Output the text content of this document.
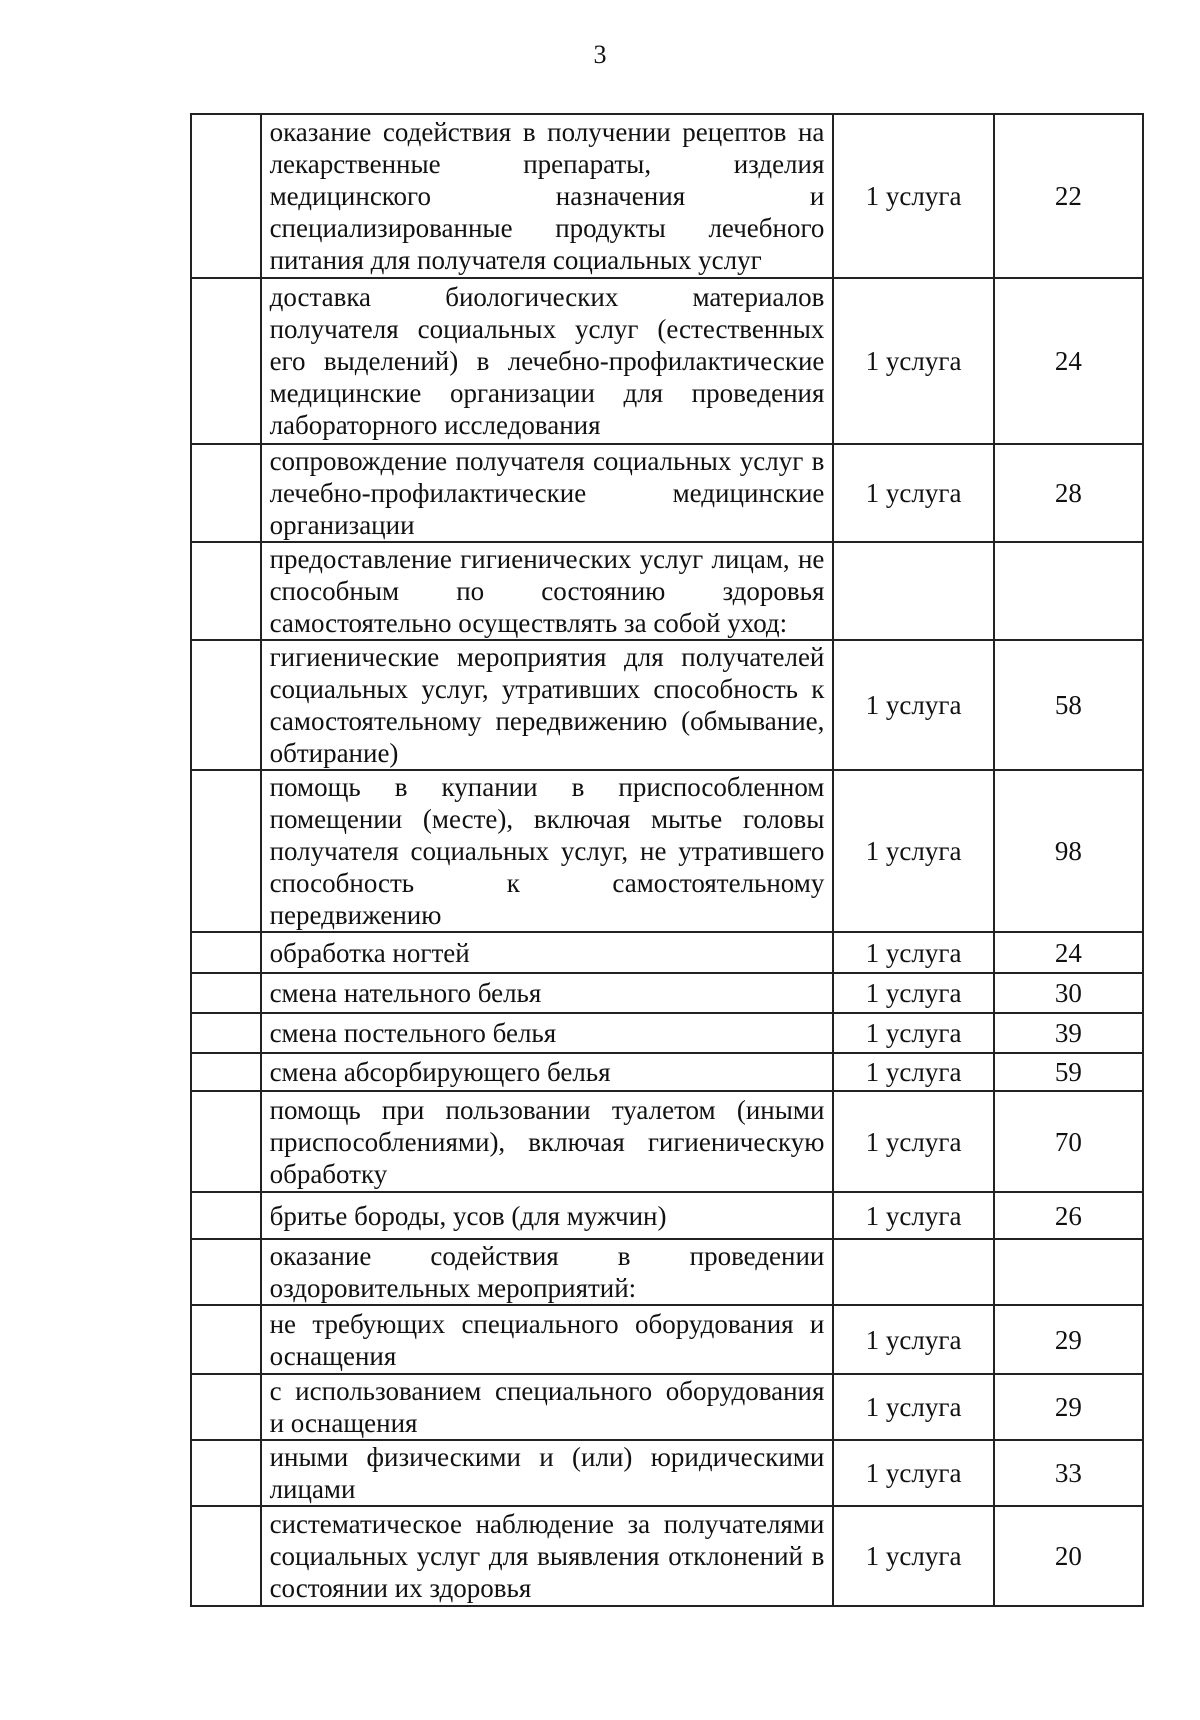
3
	оказание содействия в получении рецептов на лекарственные препараты, изделия медицинского назначения и специализированные продукты лечебного питания для получателя социальных услуг	1 услуга	22
	доставка биологических материалов получателя социальных услуг (естественных его выделений) в лечебно-профилактические медицинские организации для проведения лабораторного исследования	1 услуга	24
	сопровождение получателя социальных услуг в лечебно-профилактические медицинские организации	1 услуга	28
	предоставление гигиенических услуг лицам, не способным по состоянию здоровья самостоятельно осуществлять за собой уход:		
	гигиенические мероприятия для получателей социальных услуг, утративших способность к самостоятельному передвижению (обмывание, обтирание)	1 услуга	58
	помощь в купании в приспособленном помещении (месте), включая мытье головы получателя социальных услуг, не утратившего способность к самостоятельному передвижению	1 услуга	98
	обработка ногтей	1 услуга	24
	смена нательного белья	1 услуга	30
	смена постельного белья	1 услуга	39
	смена абсорбирующего белья	1 услуга	59
	помощь при пользовании туалетом (иными приспособлениями), включая гигиеническую обработку	1 услуга	70
	бритье бороды, усов (для мужчин)	1 услуга	26
	оказание содействия в проведении оздоровительных мероприятий:		
	не требующих специального оборудования и оснащения	1 услуга	29
	с использованием специального оборудования и оснащения	1 услуга	29
	иными физическими и (или) юридическими лицами	1 услуга	33
	систематическое наблюдение за получателями социальных услуг для выявления отклонений в состоянии их здоровья	1 услуга	20
